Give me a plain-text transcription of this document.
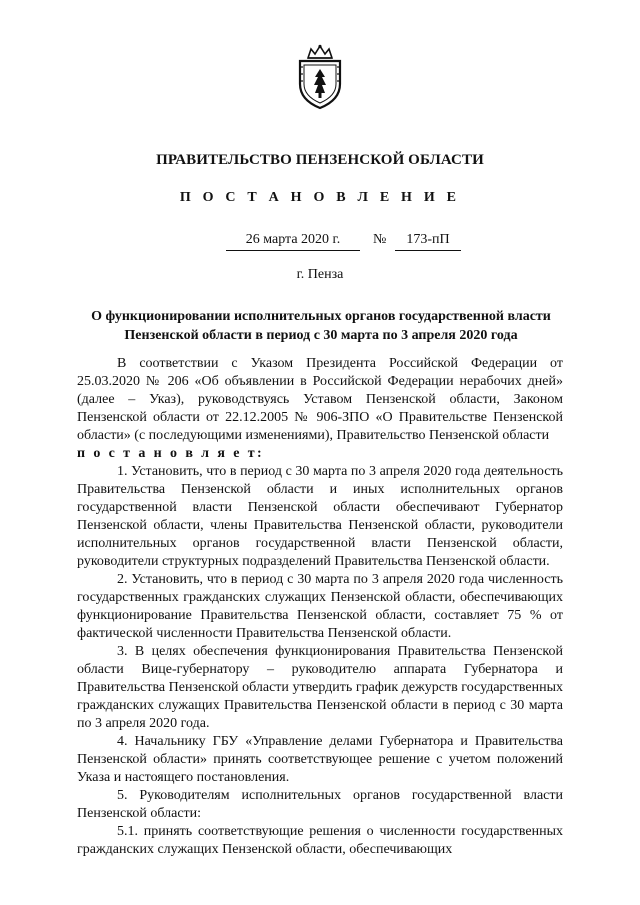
ПРАВИТЕЛЬСТВО ПЕНЗЕНСКОЙ ОБЛАСТИ
П О С Т А Н О В Л Е Н И Е
26 марта 2020 г.	№	173-пП
г. Пенза
О функционировании исполнительных органов государственной власти
Пензенской области в период с 30 марта по 3 апреля 2020 года

В соответствии с Указом Президента Российской Федерации от 25.03.2020 № 206 «Об объявлении в Российской Федерации нерабочих дней» (далее – Указ), руководствуясь Уставом Пензенской области, Законом Пензенской области от 22.12.2005 № 906-ЗПО «О Правительстве Пензенской области» (с последующими изменениями), Правительство Пензенской области

п о с т а н о в л я е т:

1. Установить, что в период с 30 марта по 3 апреля 2020 года деятельность Правительства Пензенской области и иных исполнительных органов государственной власти Пензенской области обеспечивают Губернатор Пензенской области, члены Правительства Пензенской области, руководители исполнительных органов государственной власти Пензенской области, руководители структурных подразделений Правительства Пензенской области.

2. Установить, что в период с 30 марта по 3 апреля 2020 года численность государственных гражданских служащих Пензенской области, обеспечивающих функционирование Правительства Пензенской области, составляет 75 % от фактической численности Правительства Пензенской области.

3. В целях обеспечения функционирования Правительства Пензенской области Вице-губернатору – руководителю аппарата Губернатора и Правительства Пензенской области утвердить график дежурств государственных гражданских служащих Правительства Пензенской области в период с 30 марта по 3 апреля 2020 года.

4. Начальнику ГБУ «Управление делами Губернатора и Правительства Пензенской области» принять соответствующее решение с учетом положений Указа и настоящего постановления.

5. Руководителям исполнительных органов государственной власти Пензенской области:

5.1. принять соответствующие решения о численности государственных гражданских служащих Пензенской области, обеспечивающих
